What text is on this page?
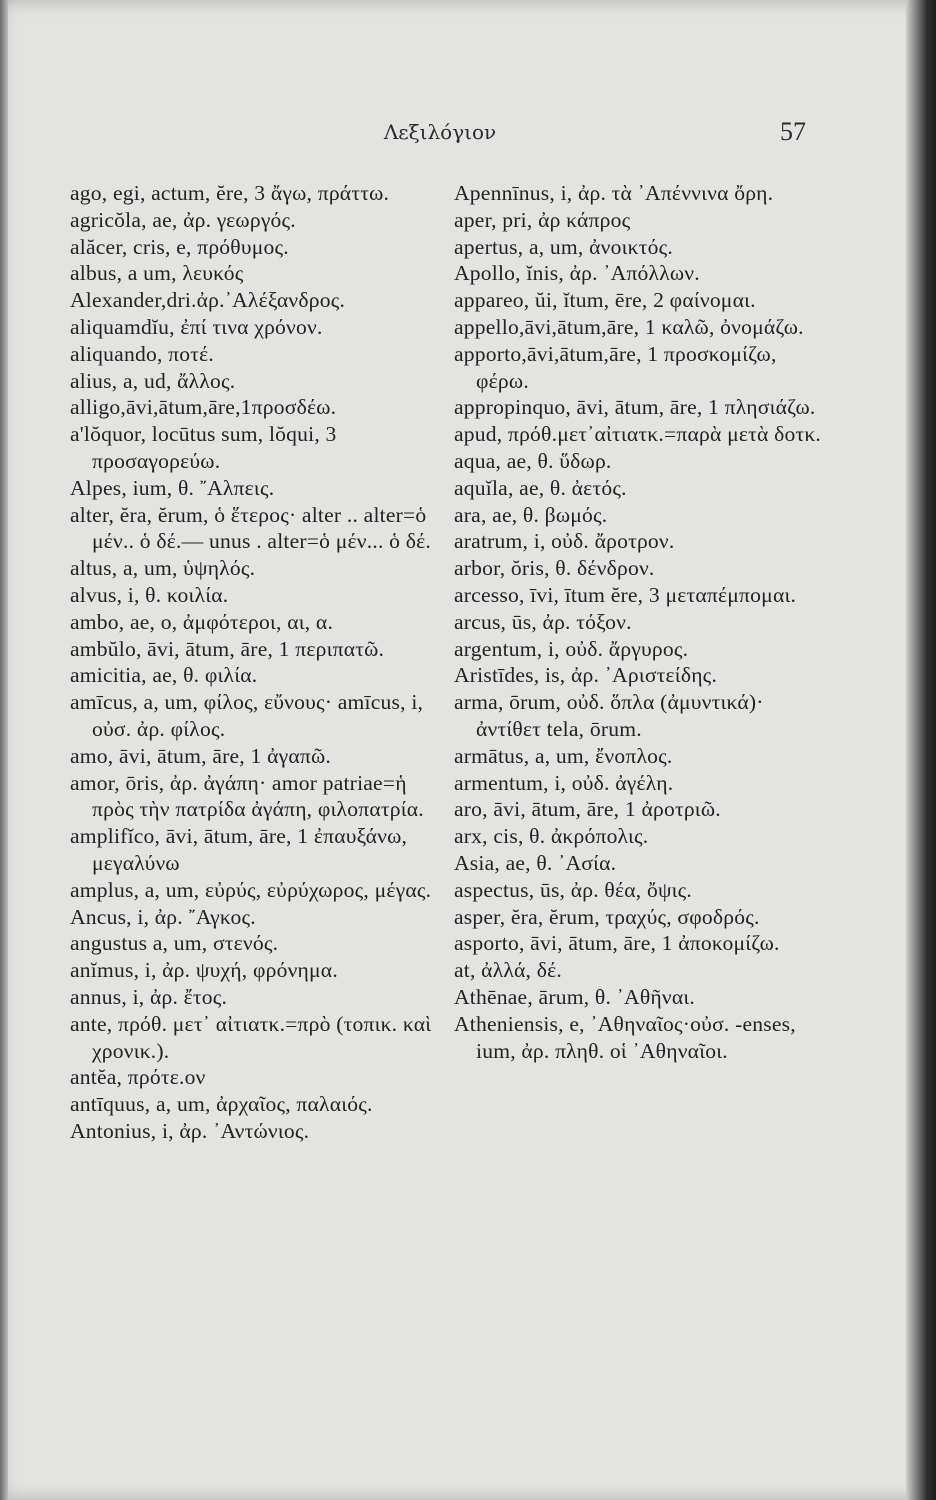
Λεξιλόγιον	57

ago, egi, actum, ĕre, 3 ἄγω, πράττω.

agricŏla, ae, ἀρ. γεωργός.

alăcer, cris, e, πρόθυμος.

albus, a um, λευκός

Alexander,dri.ἀρ.᾿Αλέξανδρος.

aliquamdĭu, ἐπί τινα χρόνον.

aliquando, ποτέ.

alius, a, ud, ἄλλος.

alligo,āvi,ātum,āre,1προσδέω.

a'lŏquor, locūtus sum, lŏqui, 3 προσαγορεύω.

Alpes, ium, θ. ῎Αλπεις.

alter, ĕra, ĕrum, ὁ ἕτερος· alter .. alter=ὁ μέν.. ὁ δέ.— unus . alter=ὁ μέν... ὁ δέ.

altus, a, um, ὑψηλός.

alvus, i, θ. κοιλία.

ambo, ae, o, ἀμφότεροι, αι, α.

ambŭlo, āvi, ātum, āre, 1 περιπατῶ.

amicitia, ae, θ. φιλία.

amīcus, a, um, φίλος, εὔνους· amīcus, i, οὐσ. ἀρ. φίλος.

amo, āvi, ātum, āre, 1 ἀγαπῶ.

amor, ōris, ἀρ. ἀγάπη· amor patriae=ἡ πρὸς τὴν πατρίδα ἀγάπη, φιλοπατρία.

amplifĭco, āvi, ātum, āre, 1 ἐπαυξάνω, μεγαλύνω

amplus, a, um, εὐρύς, εὐρύχωρος, μέγας.

Ancus, i, ἀρ. ῎Αγκος.

angustus a, um, στενός.

anĭmus, i, ἀρ. ψυχή, φρόνημα.

annus, i, ἀρ. ἔτος.

ante, πρόθ. μετ᾿ αἰτιατκ.=πρὸ (τοπικ. καὶ χρονικ.).

antĕa, πρότε.ον

antīquus, a, um, ἀρχαῖος, παλαιός.

Antonius, i, ἀρ. ᾿Αντώνιος.

Apennīnus, i, ἀρ. τὰ ᾿Απέννινα ὄρη.

aper, pri, ἀρ κάπρος

apertus, a, um, ἀνοικτός.

Apollo, ĭnis, ἀρ. ᾿Απόλλων.

appareo, ŭi, ĭtum, ēre, 2 φαίνομαι.

appello,āvi,ātum,āre, 1 καλῶ, ὀνομάζω.

apporto,āvi,ātum,āre, 1 προσκομίζω, φέρω.

appropinquo, āvi, ātum, āre, 1 πλησιάζω.

apud, πρόθ.μετ᾿αἰτιατκ.=παρὰ μετὰ δοτκ.

aqua, ae, θ. ὕδωρ.

aquĭla, ae, θ. ἀετός.

ara, ae, θ. βωμός.

aratrum, i, οὐδ. ἄροτρον.

arbor, ŏris, θ. δένδρον.

arcesso, īvi, ītum ĕre, 3 μεταπέμπομαι.

arcus, ūs, ἀρ. τόξον.

argentum, i, οὐδ. ἄργυρος.

Aristīdes, is, ἀρ. ᾿Αριστείδης.

arma, ōrum, οὐδ. ὅπλα (ἀμυντικά)· ἀντίθετ tela, ōrum.

armātus, a, um, ἔνοπλος.

armentum, i, οὐδ. ἀγέλη.

aro, āvi, ātum, āre, 1 ἀροτριῶ.

arx, cis, θ. ἀκρόπολις.

Asia, ae, θ. ᾿Ασία.

aspectus, ūs, ἀρ. θέα, ὄψις.

asper, ĕra, ĕrum, τραχύς, σφοδρός.

asporto, āvi, ātum, āre, 1 ἀποκομίζω.

at, ἀλλά, δέ.

Athēnae, ārum, θ. ᾿Αθῆναι.

Atheniensis, e, ᾿Αθηναῖος·οὐσ. -enses, ium, ἀρ. πληθ. οἱ ᾿Αθηναῖοι.
